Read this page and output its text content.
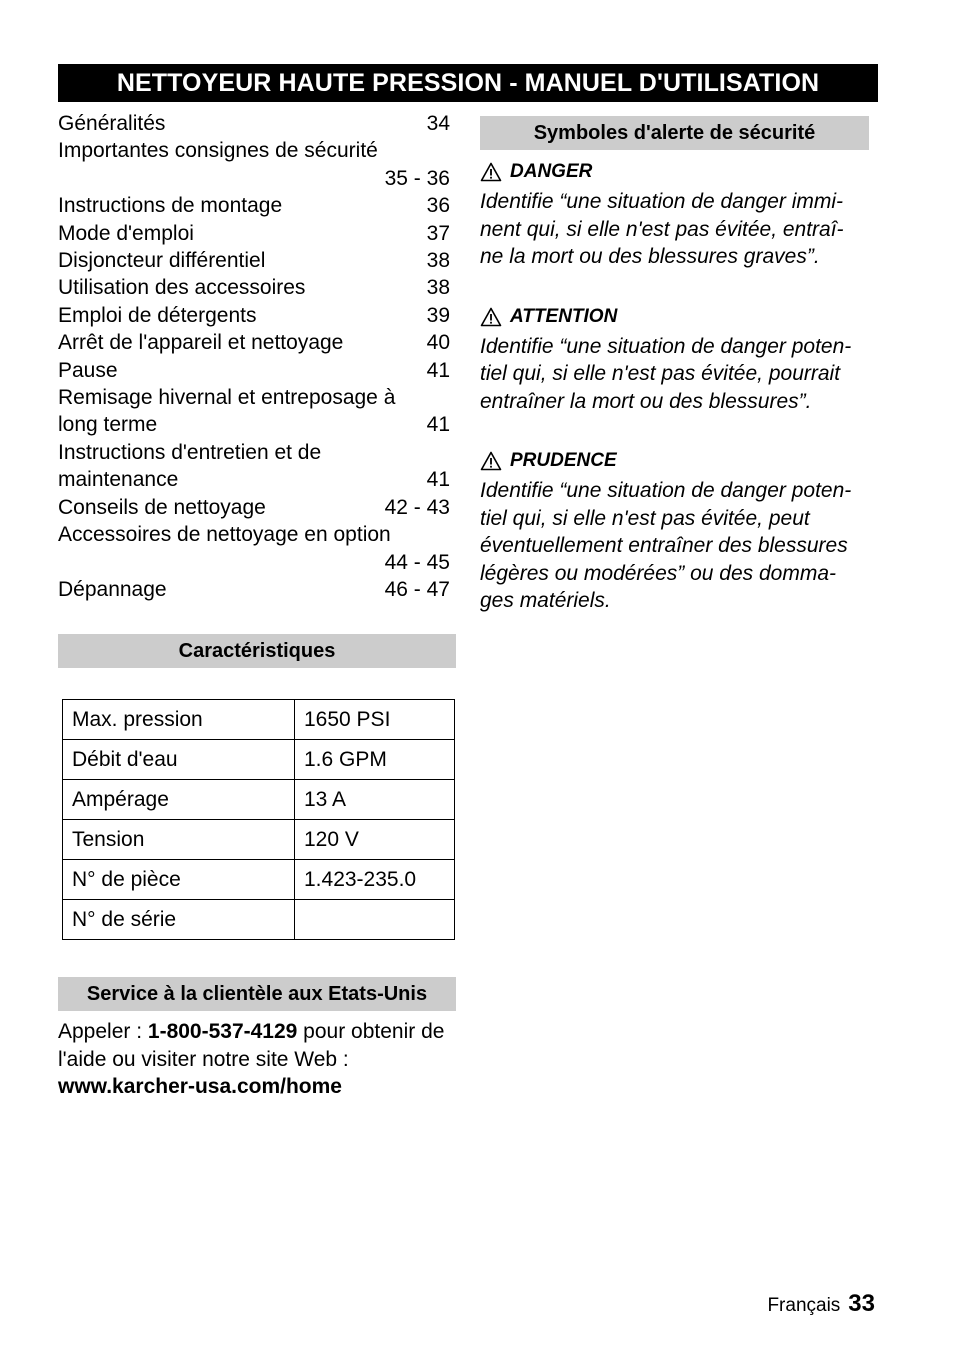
NETTOYEUR HAUTE PRESSION - MANUEL D'UTILISATION
Généralités	34
Importantes consignes de sécurité
35 - 36
Instructions de montage	36
Mode d'emploi	37
Disjoncteur différentiel	38
Utilisation des accessoires	38
Emploi de détergents	39
Arrêt de l'appareil et nettoyage	40
Pause	41
Remisage hivernal et entreposage à
long terme	41
Instructions d'entretien et de
maintenance	41
Conseils de nettoyage	42 - 43
Accessoires de nettoyage en option
44 - 45
Dépannage	46 - 47
Caractéristiques
Max. pression	1650 PSI
Débit d'eau	1.6 GPM
Ampérage	13 A
Tension	120 V
N° de pièce	1.423-235.0
N° de série	
Service à la clientèle aux Etats-Unis
Appeler : 1-800-537-4129 pour obtenir de l'aide ou visiter notre site Web :
www.karcher-usa.com/home
Symboles d'alerte de sécurité
DANGER
Identifie “une situation de danger immi-
nent qui, si elle n'est pas évitée, entraî-
ne la mort ou des blessures graves”.
ATTENTION
Identifie “une situation de danger poten-
tiel qui, si elle n'est pas évitée, pourrait
entraîner la mort ou des blessures”.
PRUDENCE
Identifie “une situation de danger poten-
tiel qui, si elle n'est pas évitée, peut
éventuellement entraîner des blessures
légères ou modérées” ou des domma-
ges matériels.
Français 33
